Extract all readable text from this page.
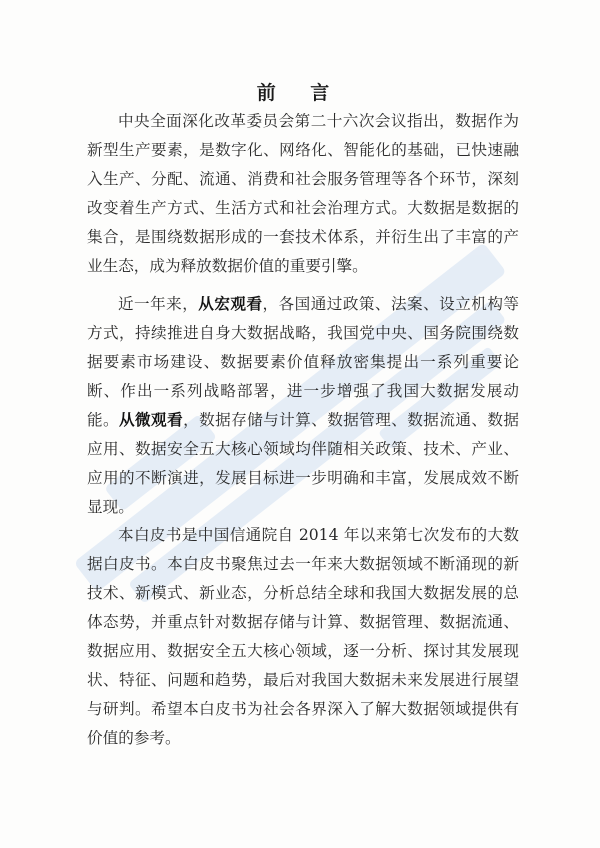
前 言

中央全面深化改革委员会第二十六次会议指出，数据作为新型生产要素，是数字化、网络化、智能化的基础，已快速融入生产、分配、流通、消费和社会服务管理等各个环节，深刻改变着生产方式、生活方式和社会治理方式。大数据是数据的集合，是围绕数据形成的一套技术体系，并衍生出了丰富的产业生态，成为释放数据价值的重要引擎。

近一年来，从宏观看，各国通过政策、法案、设立机构等方式，持续推进自身大数据战略，我国党中央、国务院围绕数据要素市场建设、数据要素价值释放密集提出一系列重要论断、作出一系列战略部署，进一步增强了我国大数据发展动能。从微观看，数据存储与计算、数据管理、数据流通、数据应用、数据安全五大核心领域均伴随相关政策、技术、产业、应用的不断演进，发展目标进一步明确和丰富，发展成效不断显现。

本白皮书是中国信通院自 2014 年以来第七次发布的大数据白皮书。本白皮书聚焦过去一年来大数据领域不断涌现的新技术、新模式、新业态，分析总结全球和我国大数据发展的总体态势，并重点针对数据存储与计算、数据管理、数据流通、数据应用、数据安全五大核心领域，逐一分析、探讨其发展现状、特征、问题和趋势，最后对我国大数据未来发展进行展望与研判。希望本白皮书为社会各界深入了解大数据领域提供有价值的参考。
